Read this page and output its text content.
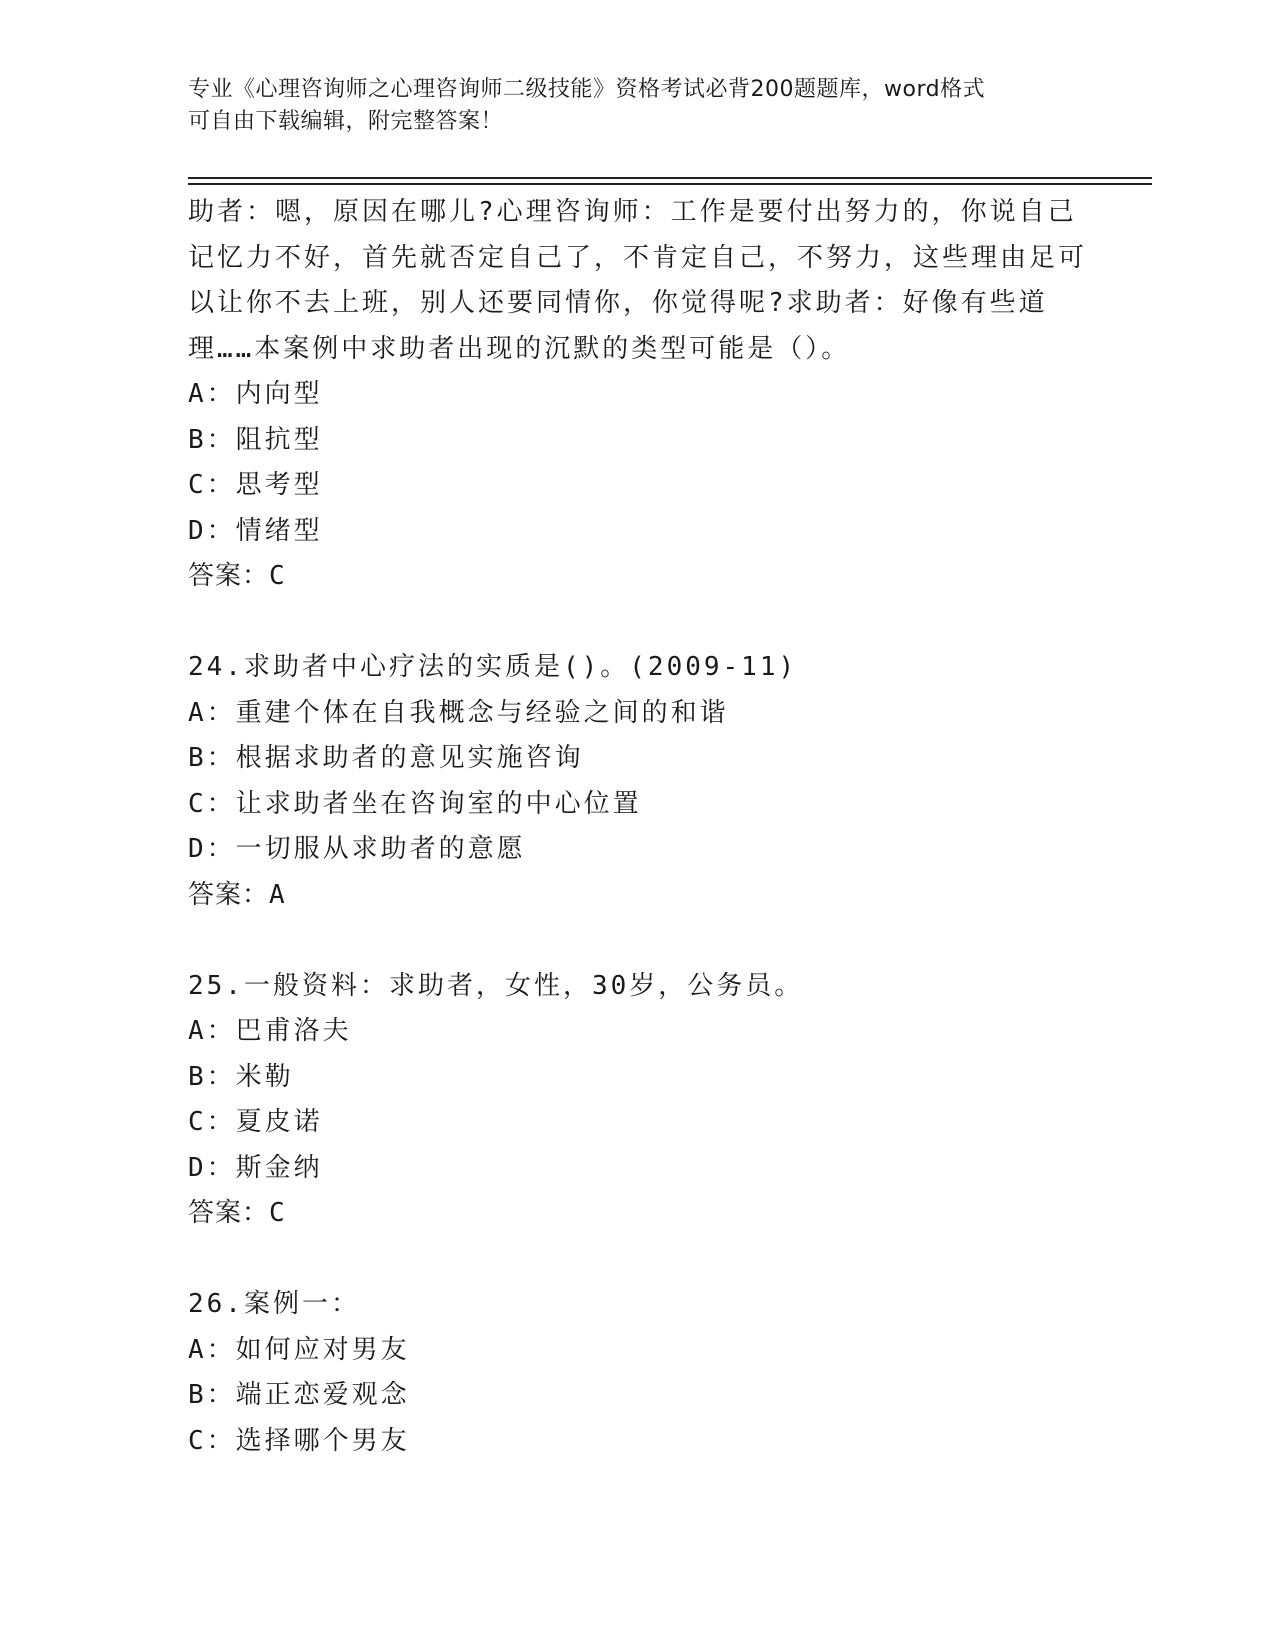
专业《心理咨询师之心理咨询师二级技能》资格考试必背200题题库，word格式
可自由下载编辑，附完整答案！

助者：嗯，原因在哪儿?心理咨询师：工作是要付出努力的，你说自己记忆力不好，首先就否定自己了，不肯定自己，不努力，这些理由足可以让你不去上班，别人还要同情你，你觉得呢?求助者：好像有些道理……本案例中求助者出现的沉默的类型可能是（）。

A：内向型
B：阻抗型
C：思考型
D：情绪型
答案：C
24.求助者中心疗法的实质是()。(2009-11)
A：重建个体在自我概念与经验之间的和谐
B：根据求助者的意见实施咨询
C：让求助者坐在咨询室的中心位置
D：一切服从求助者的意愿
答案：A
25.一般资料：求助者，女性，30岁，公务员。
A：巴甫洛夫
B：米勒
C：夏皮诺
D：斯金纳
答案：C
26.案例一：
A：如何应对男友
B：端正恋爱观念
C：选择哪个男友
